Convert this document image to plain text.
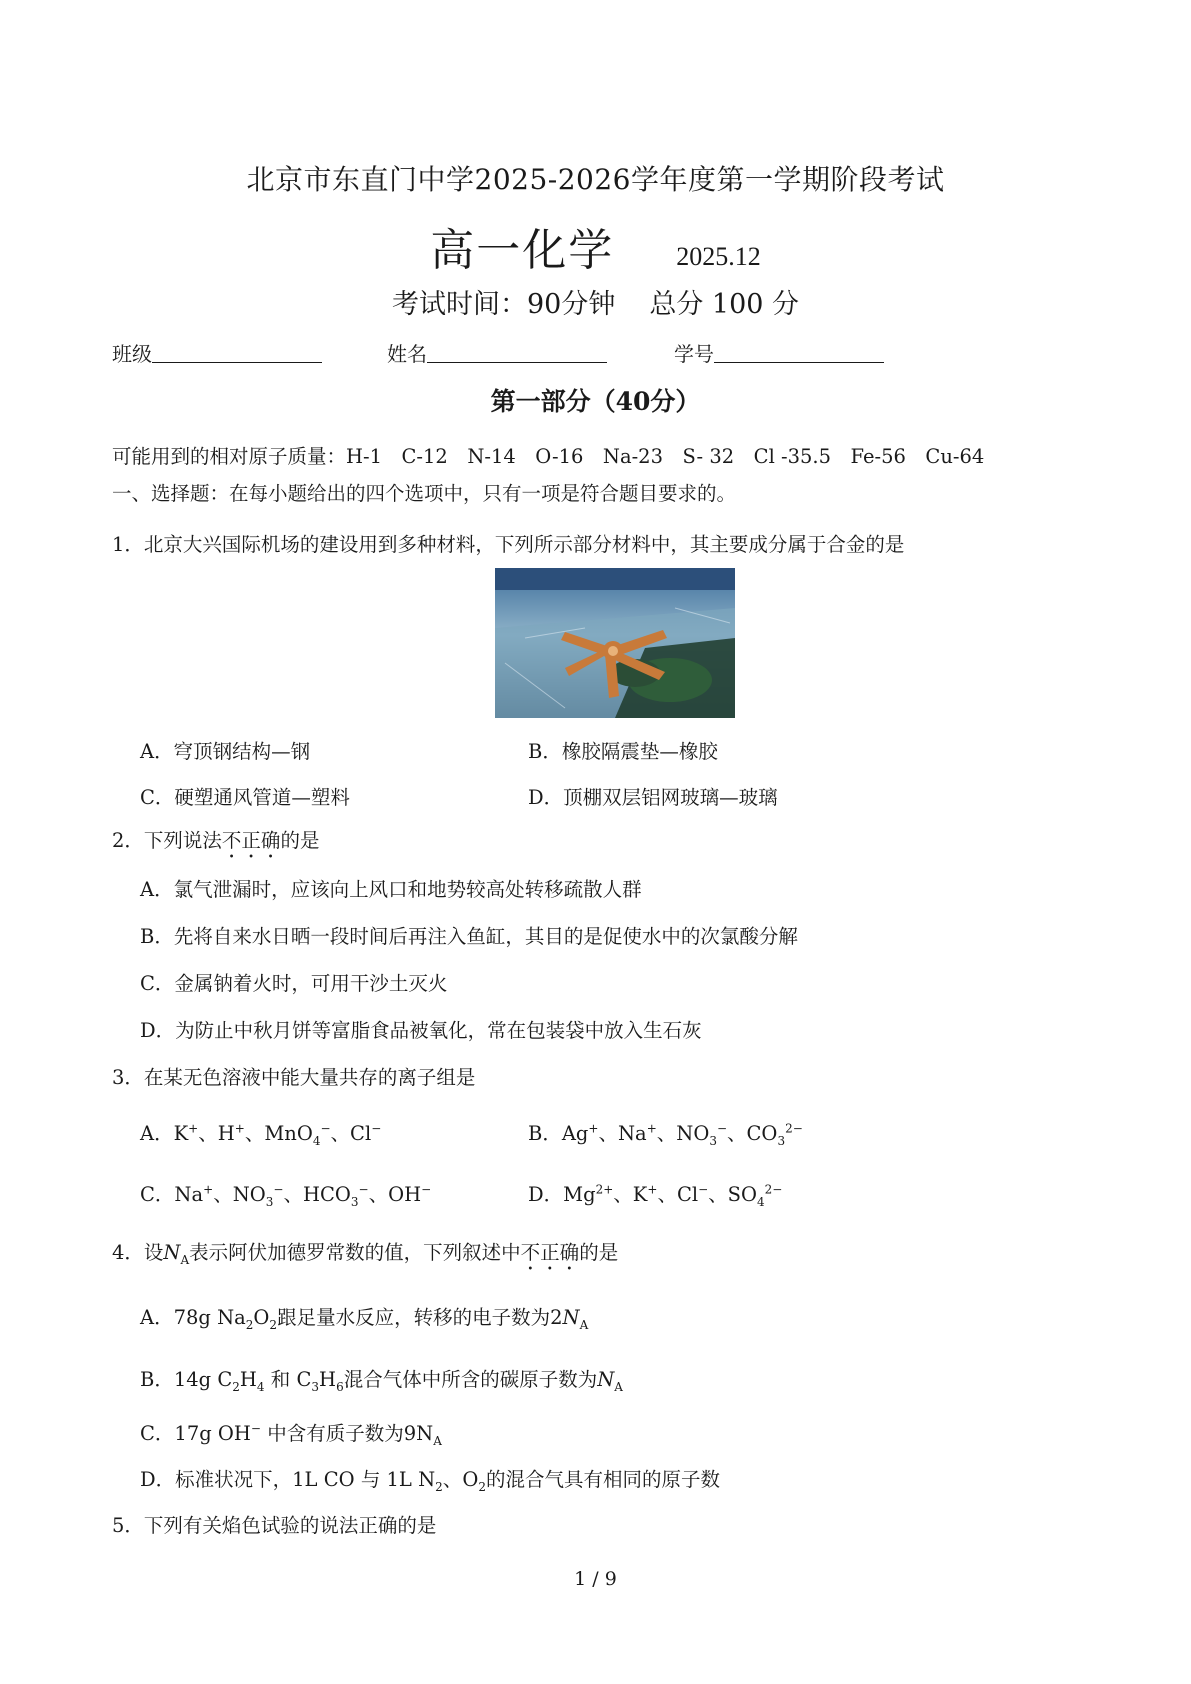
北京市东直门中学2025-2026学年度第一学期阶段考试
高一化学 2025.12
考试时间：90分钟 总分 100 分
班级	姓名	学号
第一部分（40分）
可能用到的相对原子质量：H-1　C-12　N-14　O-16　Na-23　S- 32　Cl -35.5　Fe-56　Cu-64
一、选择题：在每小题给出的四个选项中，只有一项是符合题目要求的。
1．北京大兴国际机场的建设用到多种材料，下列所示部分材料中，其主要成分属于合金的是
A．穹顶钢结构—钢	B．橡胶隔震垫—橡胶
C．硬塑通风管道—塑料	D．顶棚双层铝网玻璃—玻璃
2．下列说法不正确的是
A．氯气泄漏时，应该向上风口和地势较高处转移疏散人群
B．先将自来水日晒一段时间后再注入鱼缸，其目的是促使水中的次氯酸分解
C．金属钠着火时，可用干沙土灭火
D．为防止中秋月饼等富脂食品被氧化，常在包装袋中放入生石灰
3．在某无色溶液中能大量共存的离子组是
A．K+、H+、MnO$_4$−、Cl−	B．Ag+、Na+、$NO_3^-$、$CO_3^{2-}$
C．Na+、$NO_3^-$、$HCO_3^-$、OH−	D．$Mg^{2+}$、K+、Cl−、$SO_4^{2-}$
4．设$N_A$表示阿伏加德罗常数的值，下列叙述中不正确的是
A．78g $Na_2O_2$跟足量水反应，转移的电子数为$2N_A$
B．14g $C_2H_4$ 和 $C_3H_6$混合气体中所含的碳原子数为$N_A$
C．17g OH− 中含有质子数为$9N_A$
D．标准状况下，1L CO 与 1L $N_2$、$O_2$的混合气具有相同的原子数
5．下列有关焰色试验的说法正确的是
1 / 9
